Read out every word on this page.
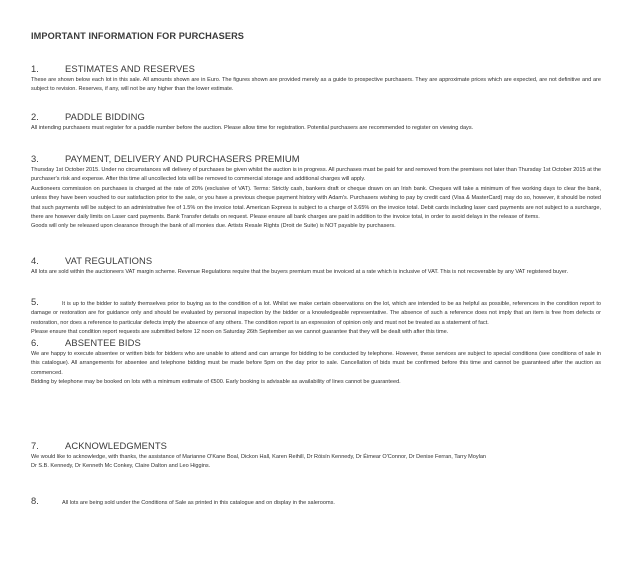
IMPORTANT INFORMATION FOR PURCHASERS
1.	ESTIMATES AND RESERVES

These are shown below each lot in this sale. All amounts shown are in Euro. The figures shown are provided merely as a guide to prospective purchasers. They are approximate prices which are expected, are not definitive and are subject to revision. Reserves, if any, will not be any higher than the lower estimate.

2.	PADDLE BIDDING

All intending purchasers must register for a paddle number before the auction. Please allow time for registration. Potential purchasers are recommended to register on viewing days.

3.	PAYMENT, DELIVERY AND PURCHASERS PREMIUM

Thursday 1st October 2015. Under no circumstances will delivery of purchases be given whilst the auction is in progress. All purchases must be paid for and removed from the premises not later than Thursday 1st October 2015 at the purchaser's risk and expense. After this time all uncollected lots will be removed to commercial storage and additional charges will apply.

Auctioneers commission on purchases is charged at the rate of 20% (exclusive of VAT). Terms: Strictly cash, bankers draft or cheque drawn on an Irish bank. Cheques will take a minimum of five working days to clear the bank, unless they have been vouched to our satisfaction prior to the sale, or you have a previous cheque payment history with Adam's. Purchasers wishing to pay by credit card (Visa & MasterCard) may do so, however, it should be noted that such payments will be subject to an administrative fee of 1.5% on the invoice total. American Express is subject to a charge of 3.65% on the invoice total. Debit cards including laser card payments are not subject to a surcharge, there are however daily limits on Laser card payments. Bank Transfer details on request. Please ensure all bank charges are paid in addition to the invoice total, in order to avoid delays in the release of items.

Goods will only be released upon clearance through the bank of all monies due. Artists Resale Rights (Droit de Suite) is NOT payable by purchasers.

4.	VAT REGULATIONS

All lots are sold within the auctioneers VAT margin scheme. Revenue Regulations require that the buyers premium must be invoiced at a rate which is inclusive of VAT. This is not recoverable by any VAT registered buyer.

5.	It is up to the bidder to satisfy themselves prior to buying as to the condition of a lot. Whilst we make certain observations on the lot, which are intended to be as helpful as possible, references in the condition report to damage or restoration are for guidance only and should be evaluated by personal inspection by the bidder or a knowledgeable representative. The absence of such a reference does not imply that an item is free from defects or restoration, nor does a reference to particular defects imply the absence of any others. The condition report is an expression of opinion only and must not be treated as a statement of fact.

Please ensure that condition report requests are submitted before 12 noon on Saturday 26th September as we cannot guarantee that they will be dealt with after this time.

6.	ABSENTEE BIDS

We are happy to execute absentee or written bids for bidders who are unable to attend and can arrange for bidding to be conducted by telephone. However, these services are subject to special conditions (see conditions of sale in this catalogue). All arrangements for absentee and telephone bidding must be made before 5pm on the day prior to sale. Cancellation of bids must be confirmed before this time and cannot be guaranteed after the auction as commenced.

Bidding by telephone may be booked on lots with a minimum estimate of €500. Early booking is advisable as availability of lines cannot be guaranteed.

7.	ACKNOWLEDGMENTS

We would like to acknowledge, with thanks, the assistance of Marianne O'Kane Boal, Dickon Hall, Karen Reihill, Dr Róisín Kennedy, Dr Éimear O'Connor, Dr Denise Ferran, Tarry Moylan

Dr S.B. Kennedy, Dr Kenneth Mc Conkey, Claire Dalton and Leo Higgins.

8.	All lots are being sold under the Conditions of Sale as printed in this catalogue and on display in the salerooms.
